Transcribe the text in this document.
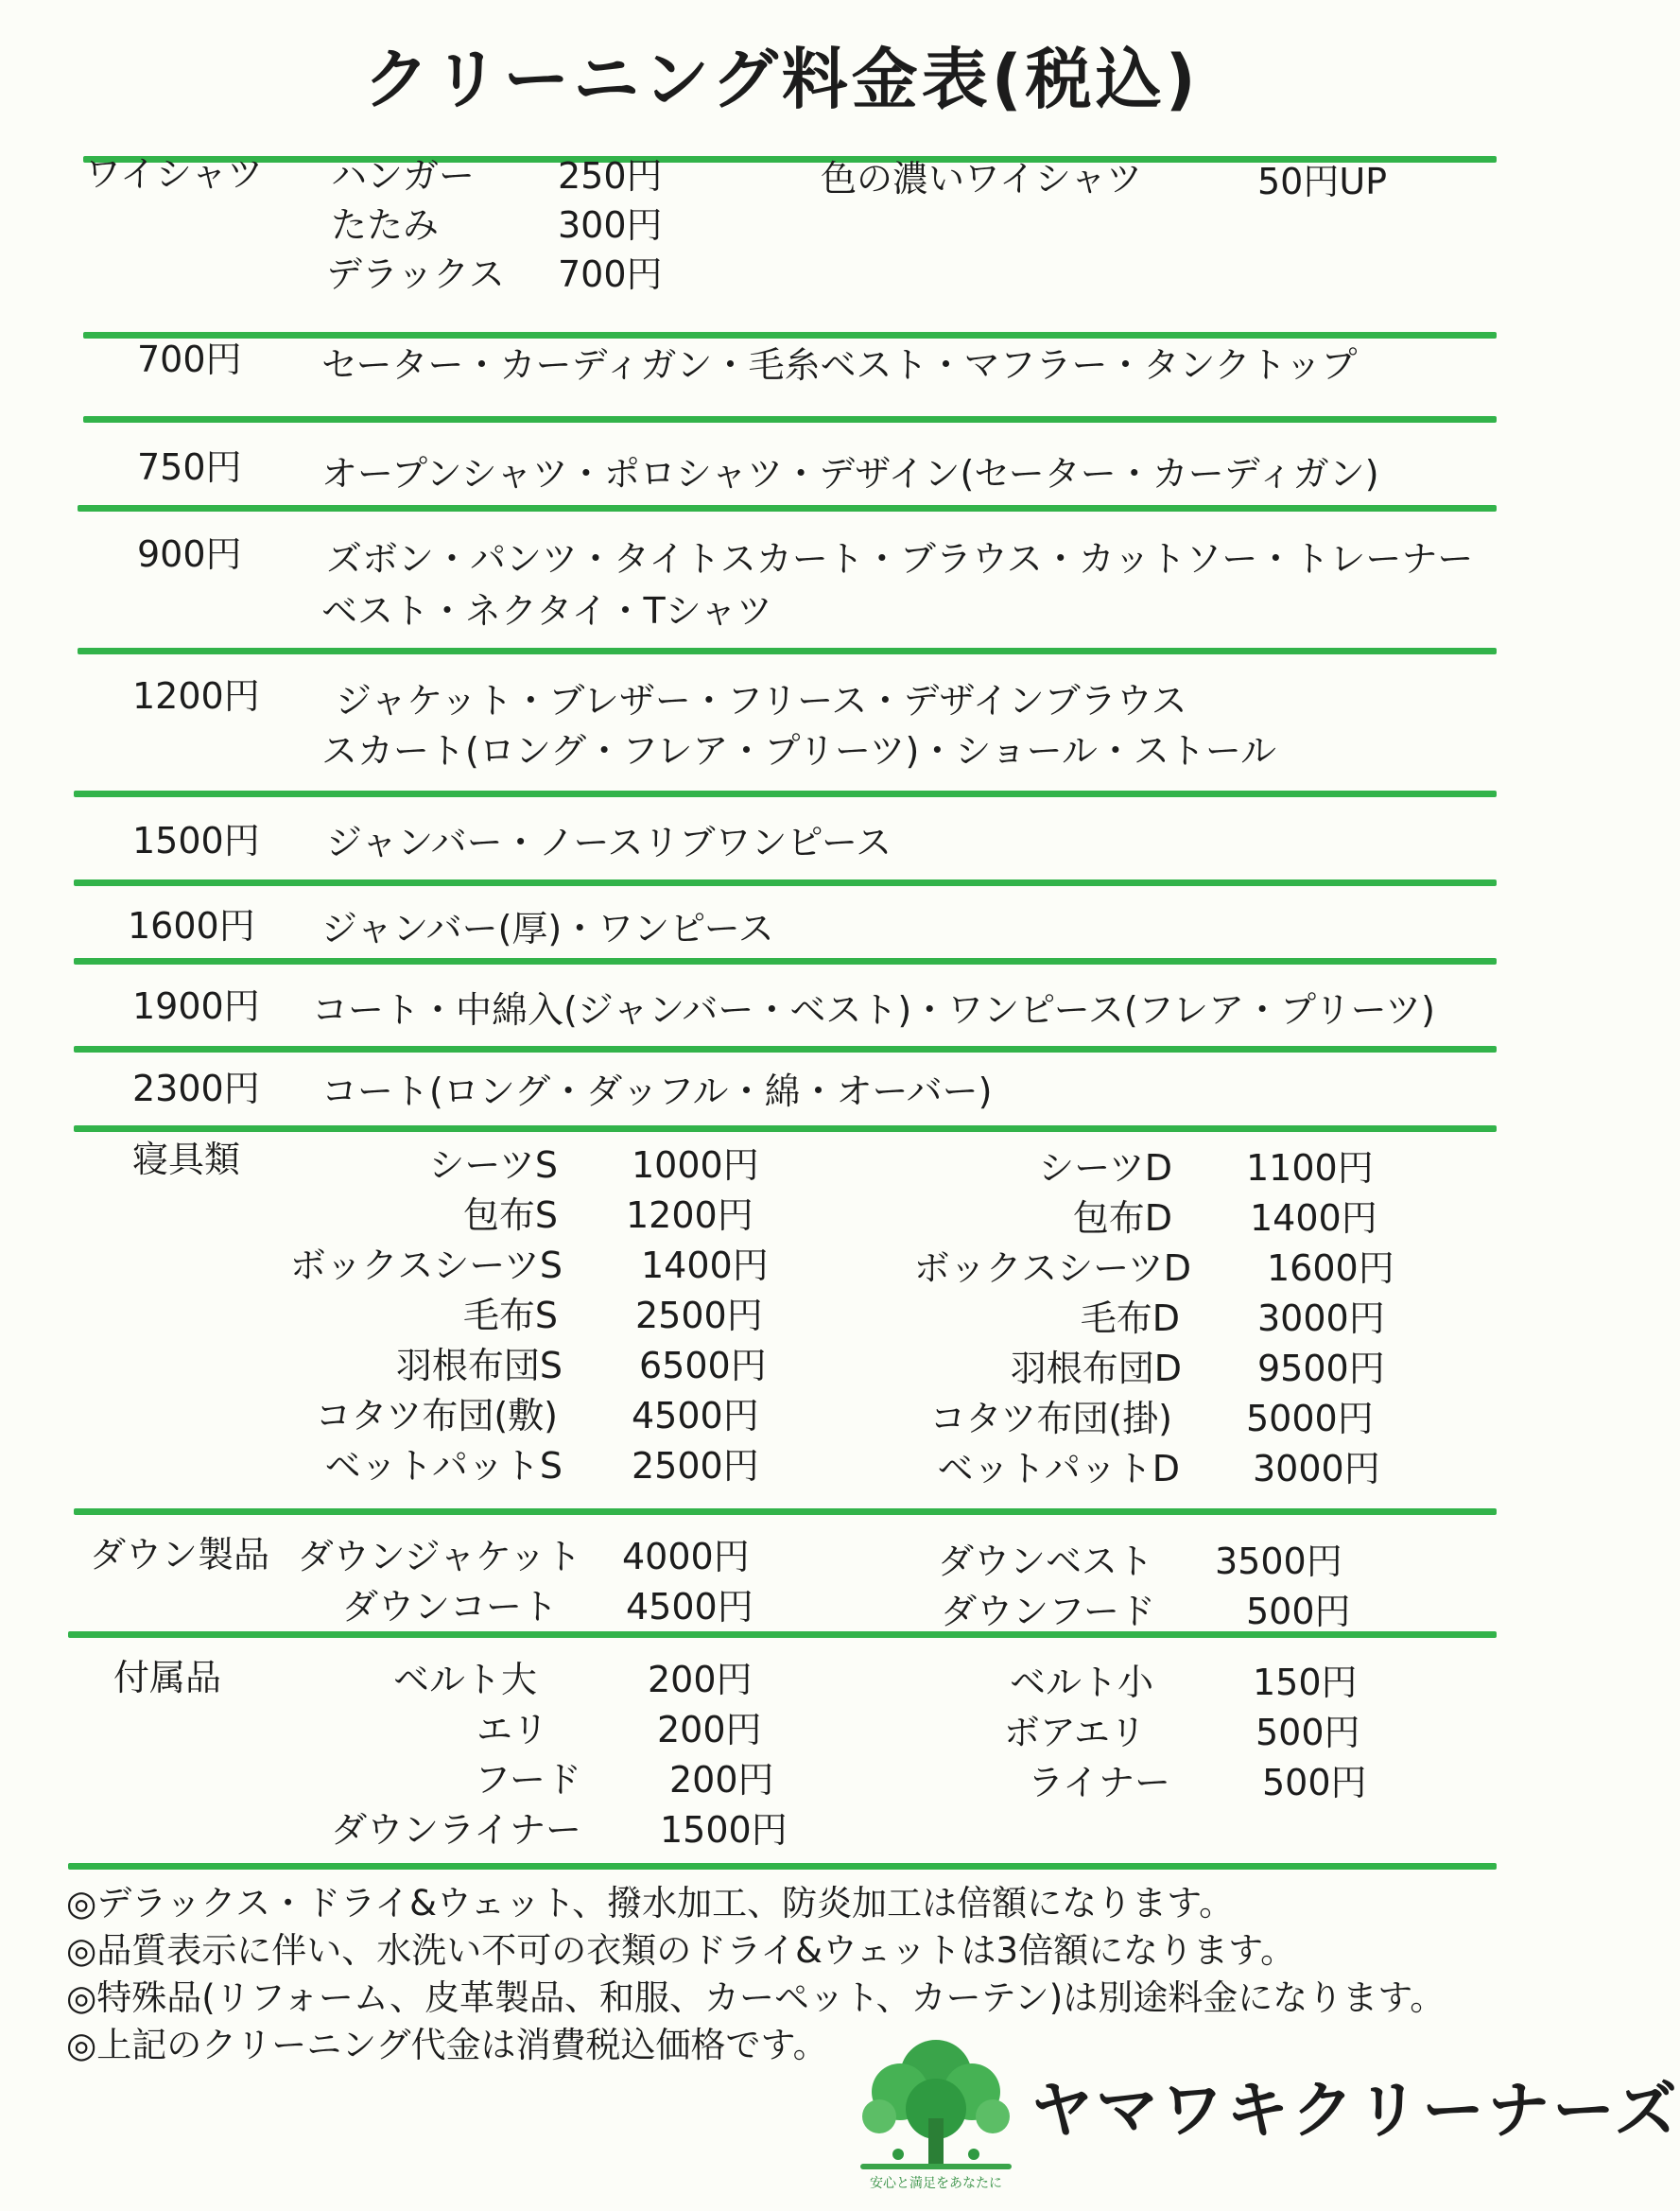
クリーニング料金表(税込)
ワイシャツ ハンガー 250円
たたみ	300円
デラックス 700円
色の濃いワイシャツ	50円UP
700円 セーター・カーディガン・毛糸ベスト・マフラー・タンクトップ
750円 オープンシャツ・ポロシャツ・デザイン(セーター・カーディガン)
900円 ズボン・パンツ・タイトスカート・ブラウス・カットソー・トレーナー
ベスト・ネクタイ・Tシャツ
1200円 ジャケット・ブレザー・フリース・デザインブラウス
スカート(ロング・フレア・プリーツ)・ショール・ストール
1500円 ジャンバー・ノースリブワンピース
1600円 ジャンバー(厚)・ワンピース
1900円 コート・中綿入(ジャンバー・ベスト)・ワンピース(フレア・プリーツ)
2300円 コート(ロング・ダッフル・綿・オーバー)
寝具類	シーツS 1000円
包布S 1200円
ボックスシーツS 1400円
毛布S 2500円
羽根布団S 6500円
コタツ布団(敷) 4500円
ベットパットS 2500円
シーツD 1100円
包布D 1400円
ボックスシーツD 1600円
毛布D 3000円
羽根布団D 9500円
コタツ布団(掛) 5000円
ベットパットD 3000円
ダウン製品 ダウンジャケット 4000円
ダウンコート 4500円
ダウンベスト 3500円
ダウンフード	500円
付属品	ベルト大	200円
エリ	200円
フード 200円
ダウンライナー 1500円
ベルト小	150円
ボアエリ	500円
ライナー	500円
◎デラックス・ドライ&ウェット、撥水加工、防炎加工は倍額になります。
◎品質表示に伴い、水洗い不可の衣類のドライ&ウェットは3倍額になります。
◎特殊品(リフォーム、皮革製品、和服、カーペット、カーテン)は別途料金になります。
◎上記のクリーニング代金は消費税込価格です。
安心と満足をあなたに
ヤマワキクリーナーズ
